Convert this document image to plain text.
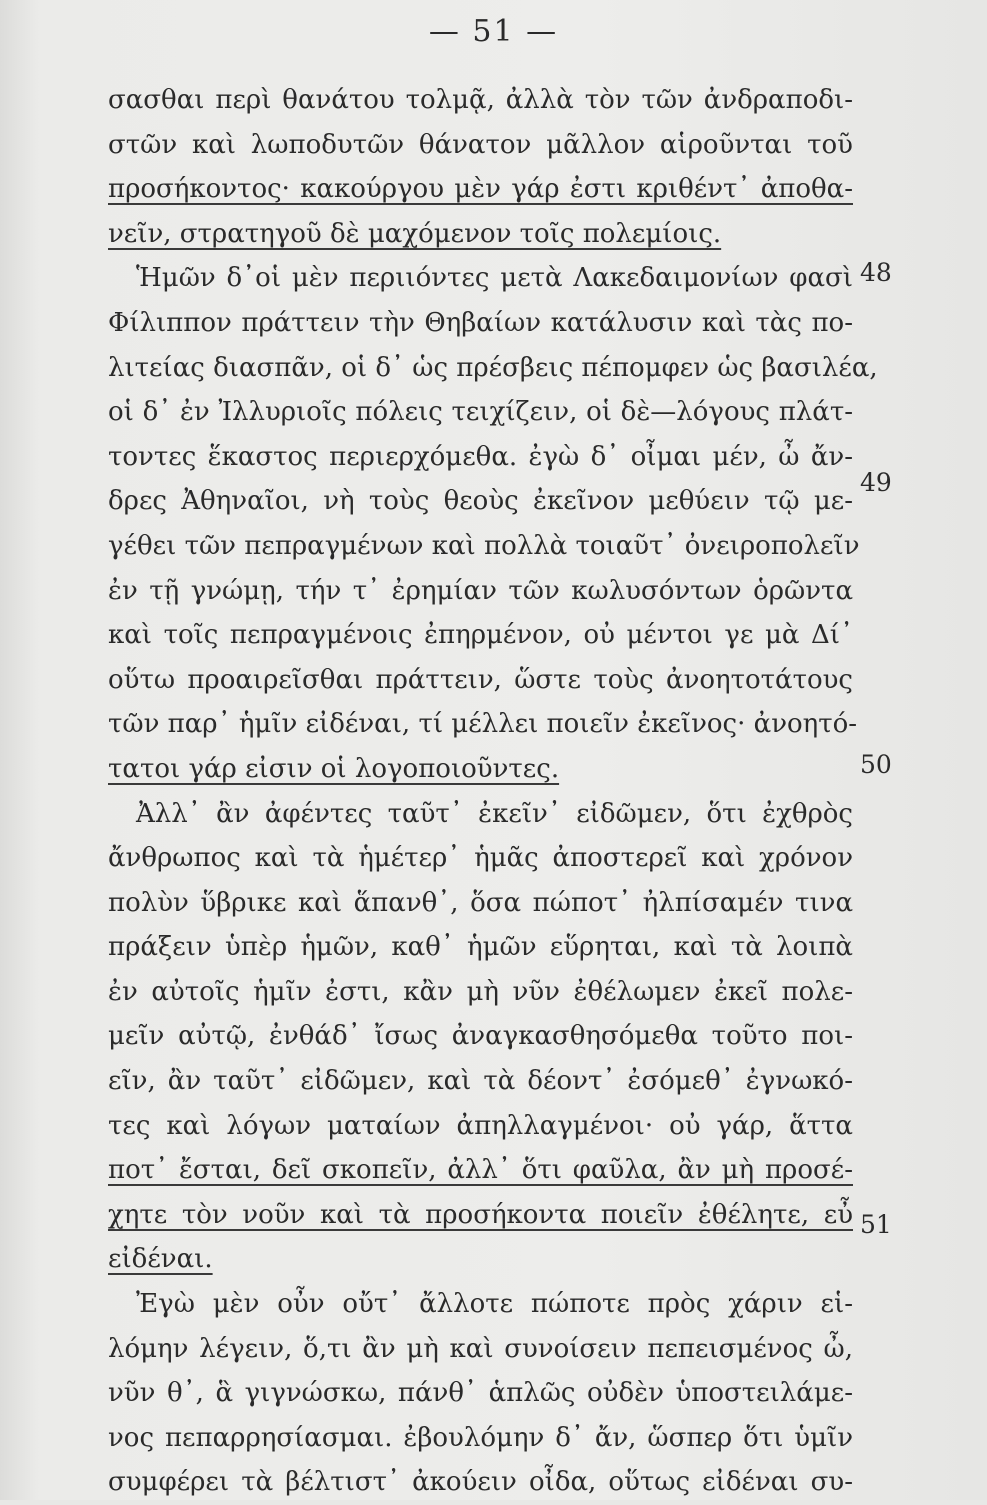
— 51 —
σασθαι περὶ θανάτου τολμᾷ, ἀλλὰ τὸν τῶν ἀνδραποδι-
στῶν καὶ λωποδυτῶν θάνατον μᾶλλον αἱροῦνται τοῦ
προσήκοντος· κακούργου μὲν γάρ ἐστι κριθέντ᾿ ἀποθα-
νεῖν, στρατηγοῦ δὲ μαχόμενον τοῖς πολεμίοις.
Ἡμῶν δ᾿οἱ μὲν περιιόντες μετὰ Λακεδαιμονίων φασὶ
Φίλιππον πράττειν τὴν Θηβαίων κατάλυσιν καὶ τὰς πο-
λιτείας διασπᾶν, οἱ δ᾿ ὡς πρέσβεις πέπομφεν ὡς βασιλέα,
οἱ δ᾿ ἐν Ἰλλυριοῖς πόλεις τειχίζειν, οἱ δὲ—λόγους πλάτ-
τοντες ἕκαστος περιερχόμεθα. ἐγὼ δ᾿ οἶμαι μέν, ὦ ἄν-
δρες Ἀθηναῖοι, νὴ τοὺς θεοὺς ἐκεῖνον μεθύειν τῷ με-
γέθει τῶν πεπραγμένων καὶ πολλὰ τοιαῦτ᾿ ὀνειροπολεῖν
ἐν τῇ γνώμῃ, τήν τ᾿ ἐρημίαν τῶν κωλυσόντων ὁρῶντα
καὶ τοῖς πεπραγμένοις ἐπηρμένον, οὐ μέντοι γε μὰ Δί᾿
οὕτω προαιρεῖσθαι πράττειν, ὥστε τοὺς ἀνοητοτάτους
τῶν παρ᾿ ἡμῖν εἰδέναι, τί μέλλει ποιεῖν ἐκεῖνος· ἀνοητό-
τατοι γάρ εἰσιν οἱ λογοποιοῦντες.
Ἀλλ᾿ ἂν ἀφέντες ταῦτ᾿ ἐκεῖν᾿ εἰδῶμεν, ὅτι ἐχθρὸς
ἄνθρωπος καὶ τὰ ἡμέτερ᾿ ἡμᾶς ἀποστερεῖ καὶ χρόνον
πολὺν ὕβρικε καὶ ἅπανθ᾿, ὅσα πώποτ᾿ ἠλπίσαμέν τινα
πράξειν ὑπὲρ ἡμῶν, καθ᾿ ἡμῶν εὕρηται, καὶ τὰ λοιπὰ
ἐν αὐτοῖς ἡμῖν ἐστι, κἂν μὴ νῦν ἐθέλωμεν ἐκεῖ πολε-
μεῖν αὐτῷ, ἐνθάδ᾿ ἴσως ἀναγκασθησόμεθα τοῦτο ποι-
εῖν, ἂν ταῦτ᾿ εἰδῶμεν, καὶ τὰ δέοντ᾿ ἐσόμεθ᾿ ἐγνωκό-
τες καὶ λόγων ματαίων ἀπηλλαγμένοι· οὐ γάρ, ἅττα
ποτ᾿ ἔσται, δεῖ σκοπεῖν, ἀλλ᾿ ὅτι φαῦλα, ἂν μὴ προσέ-
χητε τὸν νοῦν καὶ τὰ προσήκοντα ποιεῖν ἐθέλητε, εὖ
εἰδέναι.
Ἐγὼ μὲν οὖν οὔτ᾿ ἄλλοτε πώποτε πρὸς χάριν εἱ-
λόμην λέγειν, ὅ,τι ἂν μὴ καὶ συνοίσειν πεπεισμένος ὦ,
νῦν θ᾿, ἃ γιγνώσκω, πάνθ᾿ ἁπλῶς οὐδὲν ὑποστειλάμε-
νος πεπαρρησίασμαι. ἐβουλόμην δ᾿ ἄν, ὥσπερ ὅτι ὑμῖν
συμφέρει τὰ βέλτιστ᾿ ἀκούειν οἶδα, οὕτως εἰδέναι συ-
48
49
50
51
